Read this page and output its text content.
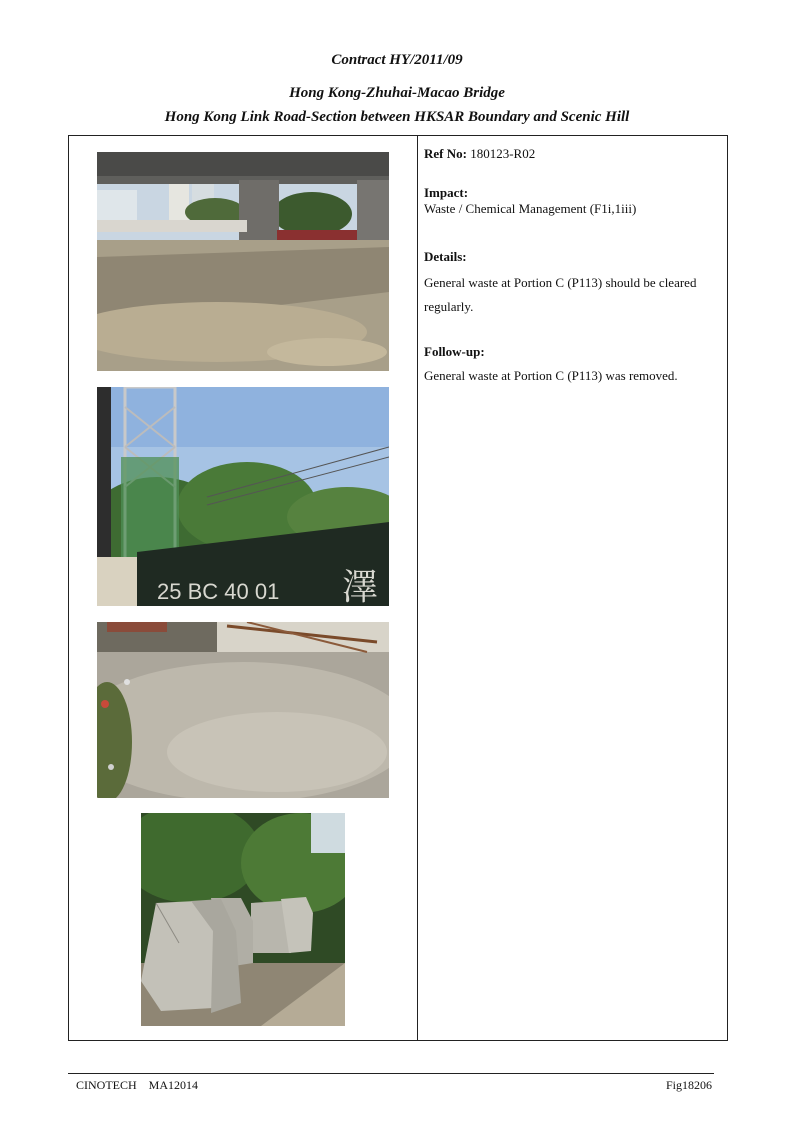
Contract HY/2011/09
Hong Kong-Zhuhai-Macao Bridge
Hong Kong Link Road-Section between HKSAR Boundary and Scenic Hill
25 BC 40 01 澤
Ref No: 180123-R02
Impact:
Waste / Chemical Management (F1i,1iii)
Details:
General waste at Portion C (P113) should be cleared regularly.
Follow-up:
General waste at Portion C (P113) was removed.
CINOTECH MA12014	Fig18206
